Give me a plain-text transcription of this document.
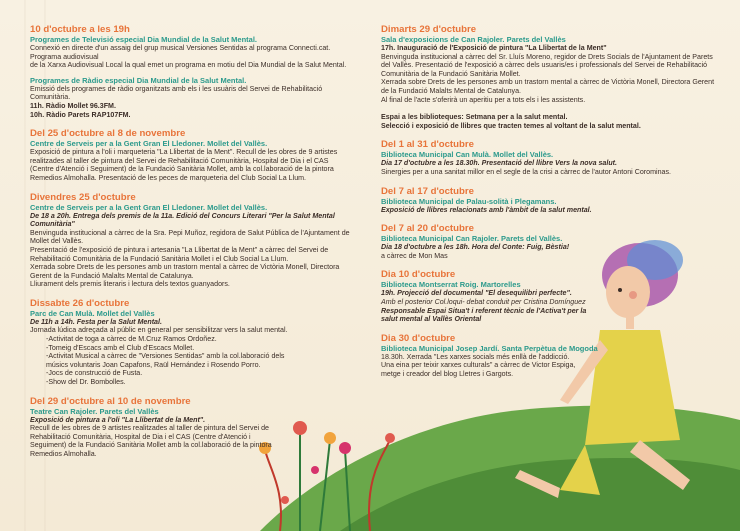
10 d'octubre a les 19h
Programes de Televisió especial Dia Mundial de la Salut Mental.
Connexió en directe d'un assaig del grup musical Versiones Sentidas al programa Connecti.cat. Programa audiovisual
de la Xarxa Audiovisual Local la qual emet un programa en motiu del Dia Mundial de la Salut Mental.
Programes de Ràdio especial Dia Mundial de la Salut Mental.
Emissió dels programes de ràdio organitzats amb els i les usuàris del Servei de Rehabilitació Comunitària.
11h. Ràdio Mollet 96.3FM.
10h. Ràdio Parets RAP107FM.
Del 25 d'octubre al 8 de novembre
Centre de Serveis per a la Gent Gran El Lledoner. Mollet del Vallès.
Exposició de pintura a l'oli i marqueteria "La Llibertat de la Ment". Recull de les obres de 9 artistes realitzades al taller de pintura del Servei de Rehabilitació Comunitària, Hospital de Dia i el CAS (Centre d'Atenció i Seguiment) de la Fundació Sanitària Mollet, amb la col.laboració de la pintora Remedios Almohalla. Presentació de les peces de marqueteria del Club Social La Llum.
Divendres 25 d'octubre
Centre de Serveis per a la Gent Gran El Lledoner. Mollet del Vallès.
De 18 a 20h. Entrega dels premis de la 11a. Edició del Concurs Literari "Per la Salut Mental Comunitària"
Benvinguda institucional a càrrec de la Sra. Pepi Muñoz, regidora de Salut Pública de l'Ajuntament de Mollet del Vallès.
Presentació de l'exposició de pintura i artesania "La Llibertat de la Ment" a càrrec del Servei de Rehabilitació Comunitària de la Fundació Sanitària Mollet i el Club Social La Llum.
Xerrada sobre Drets de les persones amb un trastorn mental a càrrec de Victòria Monell, Directora Gerent de la Fundació Malalts Mental de Catalunya.
Lliurament dels premis literaris i lectura dels textos guanyadors.
Dissabte 26 d'octubre
Parc de Can Mulà. Mollet del Vallès
De 11h a 14h. Festa per la Salut Mental.
Jornada lúdica adreçada al públic en general per sensibilitzar vers la salut mental.
-Activitat de toga a càrrec de M.Cruz Ramos Ordoñez.
-Tomeig d'Escacs amb el Club d'Escacs Mollet.
-Activitat Musical a càrrec de "Versiones Sentidas" amb la col.laboració dels músics voluntaris Joan Capafons, Raül Hernández i Rosendo Porro.
-Jocs de construcció de Fusta.
-Show del Dr. Bombolles.
Del 29 d'octubre al 10 de novembre
Teatre Can Rajoler. Parets del Vallès
Exposició de pintura a l'oli "La Llibertat de la Ment".
Recull de les obres de 9 artistes realitzades al taller de pintura del Servei de Rehabilitació Comunitària, Hospital de Dia i el CAS (Centre d'Atenció i Seguiment) de la Fundació Sanitària Mollet amb la col.laboració de la pintora Remedios Almohalla.
Dimarts 29 d'octubre
Sala d'exposicions de Can Rajoler. Parets del Vallès
17h. Inauguració de l'Exposició de pintura "La Llibertat de la Ment"
Benvinguda institucional a càrrec del Sr. Lluís Moreno, regidor de Drets Socials de l'Ajuntament de Parets del Vallès. Presentació de l'exposició a càrrec dels usuaris/es i professionals del Servei de Rehabilitació Comunitària de la Fundació Sanitària Mollet.
Xerrada sobre Drets de les persones amb un trastorn mental a càrrec de Victòria Monell, Directora Gerent de la Fundació Malalts Mental de Catalunya.
Al final de l'acte s'oferirà un aperitiu per a tots els i les assistents.
Espai a les biblioteques: Setmana per a la salut mental.
Selecció i exposició de llibres que tracten temes al voltant de la salut mental.
Del 1 al 31 d'octubre
Biblioteca Municipal Can Mulà. Mollet del Vallès.
Dia 17 d'octubre a les 18.30h. Presentació del llibre Vers la nova salut.
Sinergies per a una sanitat millor en el segle de la crisi a càrrec de l'autor Antoni Corominas.
Del 7 al 17 d'octubre
Biblioteca Municipal de Palau-solità i Plegamans.
Exposició de llibres relacionats amb l'àmbit de la salut mental.
Del 7 al 20 d'octubre
Biblioteca Municipal Can Rajoler. Parets del Vallès.
Dia 18 d'octubre a les 18h. Hora del Conte: Fuig, Bèstia!
a càrrec de Mon Mas
Dia 10 d'octubre
Biblioteca Montserrat Roig. Martorelles
19h. Projecció del documental "El desequilibri perfecte".
Amb el posterior Col.loqui- debat conduit per Cristina Domínguez
Responsable Espai Situa't i referent tècnic de l'Activa't per la salut mental al Vallès Oriental
Dia 30 d'octubre
Biblioteca Municipal Josep Jardí. Santa Perpètua de Mogoda
18.30h. Xerrada "Les xarxes socials més enllà de l'addicció.
Una eina per teixir xarxes culturals" a càrrec de Victor Espiga,
metge i creador del blog Lletres i Gargots.
